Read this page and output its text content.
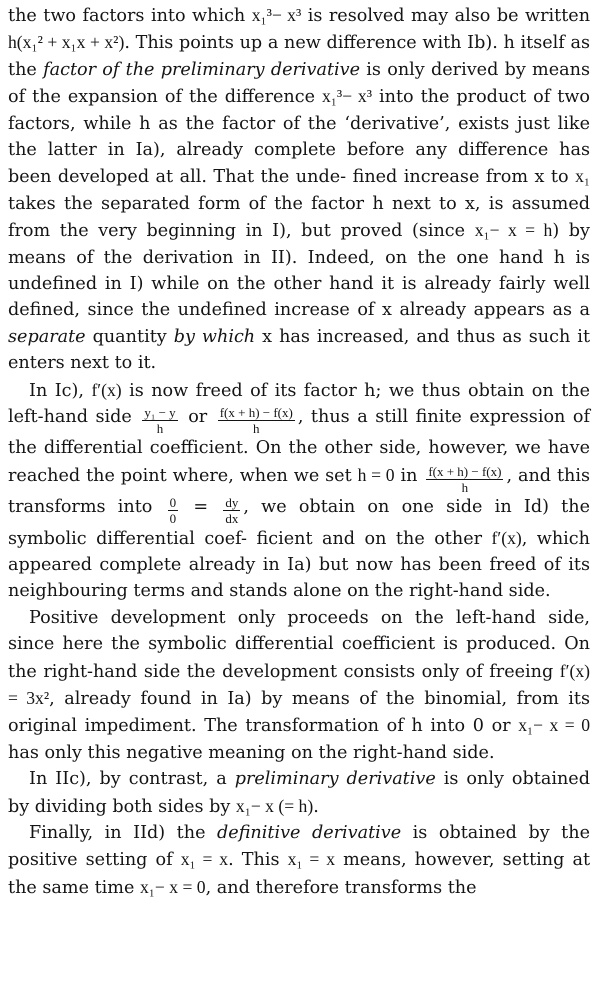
the two factors into which x₁³− x³ is resolved may also be written h(x₁² + x₁x + x²). This points up a new difference with Ib). h itself as the factor of the preliminary derivative is only derived by means of the expansion of the difference x₁³− x³ into the product of two factors, while h as the factor of the ‘derivative’, exists just like the latter in Ia), already complete before any difference has been developed at all. That the unde- fined increase from x to x₁ takes the separated form of the factor h next to x, is assumed from the very beginning in I), but proved (since x₁− x = h) by means of the derivation in II). Indeed, on the one hand h is undefined in I) while on the other hand it is already fairly well defined, since the undefined increase of x already appears as a separate quantity by which x has increased, and thus as such it enters next to it.

In Ic), f′(x) is now freed of its factor h; we thus obtain on the left-hand side $\frac{\text{y₁ − y}}{h}$ or $\frac{f(x + h) - f(x)}{h}$ , thus a still finite expression of the differential coefficient. On the other side, however, we have reached the point where, when we set h = 0 in $\frac{f(x + h) - f(x)}{h}$ , and this transforms into $\frac{0}{0} = \frac{dy}{dx}$ , we obtain on one side in Id) the symbolic differential coef- ficient and on the other f′(x), which appeared complete already in Ia) but now has been freed of its neighbouring terms and stands alone on the right-hand side.

Positive development only proceeds on the left-hand side, since here the symbolic differential coefficient is produced. On the right-hand side the development consists only of freeing f′(x) = 3x², already found in Ia) by means of the binomial, from its original impediment. The transformation of h into 0 or x₁− x = 0 has only this negative meaning on the right-hand side.

In IIc), by contrast, a preliminary derivative is only obtained by dividing both sides by x₁− x (= h).

Finally, in IId) the definitive derivative is obtained by the positive setting of x₁ = x. This x₁ = x means, however, setting at the same time x₁− x = 0, and therefore transforms the
